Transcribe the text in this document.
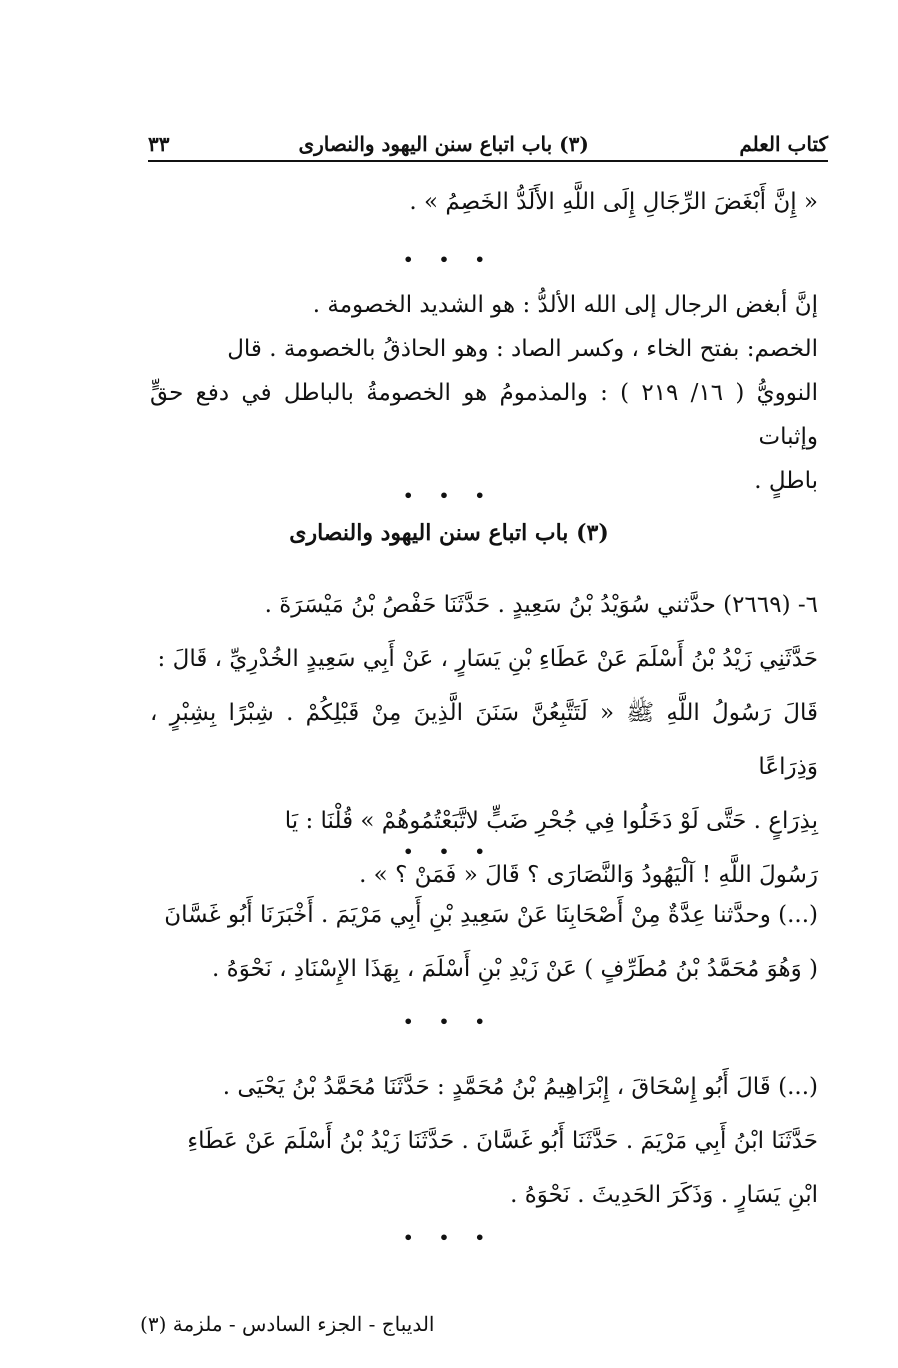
كتاب العلم
(٣) باب اتباع سنن اليهود والنصارى
٣٣
« إِنَّ أَبْغَضَ الرِّجَالِ إِلَى اللَّهِ الأَلَدُّ الخَصِمُ » .
• • •
إنَّ أبغض الرجال إلى الله الألدُّ : هو الشديد الخصومة .
الخصم: بفتح الخاء ، وكسر الصاد : وهو الحاذقُ بالخصومة . قال
النوويُّ ( ١٦/ ٢١٩ ) : والمذمومُ هو الخصومةُ بالباطل في دفع حقٍّ وإثبات
باطلٍ .
• • •
(٣) باب اتباع سنن اليهود والنصارى
٦- (٢٦٦٩) حدَّثني سُوَيْدُ بْنُ سَعِيدٍ . حَدَّثَنَا حَفْصُ بْنُ مَيْسَرَةَ .
حَدَّثَنِي زَيْدُ بْنُ أَسْلَمَ عَنْ عَطَاءِ بْنِ يَسَارٍ ، عَنْ أَبِي سَعِيدٍ الخُدْرِيِّ ، قَالَ :
قَالَ رَسُولُ اللَّهِ ﷺ « لَتَتَّبِعُنَّ سَنَنَ الَّذِينَ مِنْ قَبْلِكُمْ . شِبْرًا بِشِبْرٍ ، وَذِرَاعًا
بِذِرَاعٍ . حَتَّى لَوْ دَخَلُوا فِي جُحْرِ ضَبٍّ لاتَّبَعْتُمُوهُمْ » قُلْنَا : يَا
رَسُولَ اللَّهِ ! آلْيَهُودُ وَالنَّصَارَى ؟ قَالَ « فَمَنْ ؟ » .
• • •
(...) وحدَّثنا عِدَّةٌ مِنْ أَصْحَابِنَا عَنْ سَعِيدِ بْنِ أَبِي مَرْيَمَ . أَخْبَرَنَا أَبُو غَسَّانَ
( وَهُوَ مُحَمَّدُ بْنُ مُطَرِّفٍ ) عَنْ زَيْدِ بْنِ أَسْلَمَ ، بِهَذَا الإِسْنَادِ ، نَحْوَهُ .
• • •
(...) قَالَ أَبُو إِسْحَاقَ ، إِبْرَاهِيمُ بْنُ مُحَمَّدٍ : حَدَّثَنَا مُحَمَّدُ بْنُ يَحْيَى .
حَدَّثَنَا ابْنُ أَبِي مَرْيَمَ . حَدَّثَنَا أَبُو غَسَّانَ . حَدَّثَنَا زَيْدُ بْنُ أَسْلَمَ عَنْ عَطَاءِ
ابْنِ يَسَارٍ . وَذَكَرَ الحَدِيثَ . نَحْوَهُ .
• • •
الديباج - الجزء السادس - ملزمة (٣)
